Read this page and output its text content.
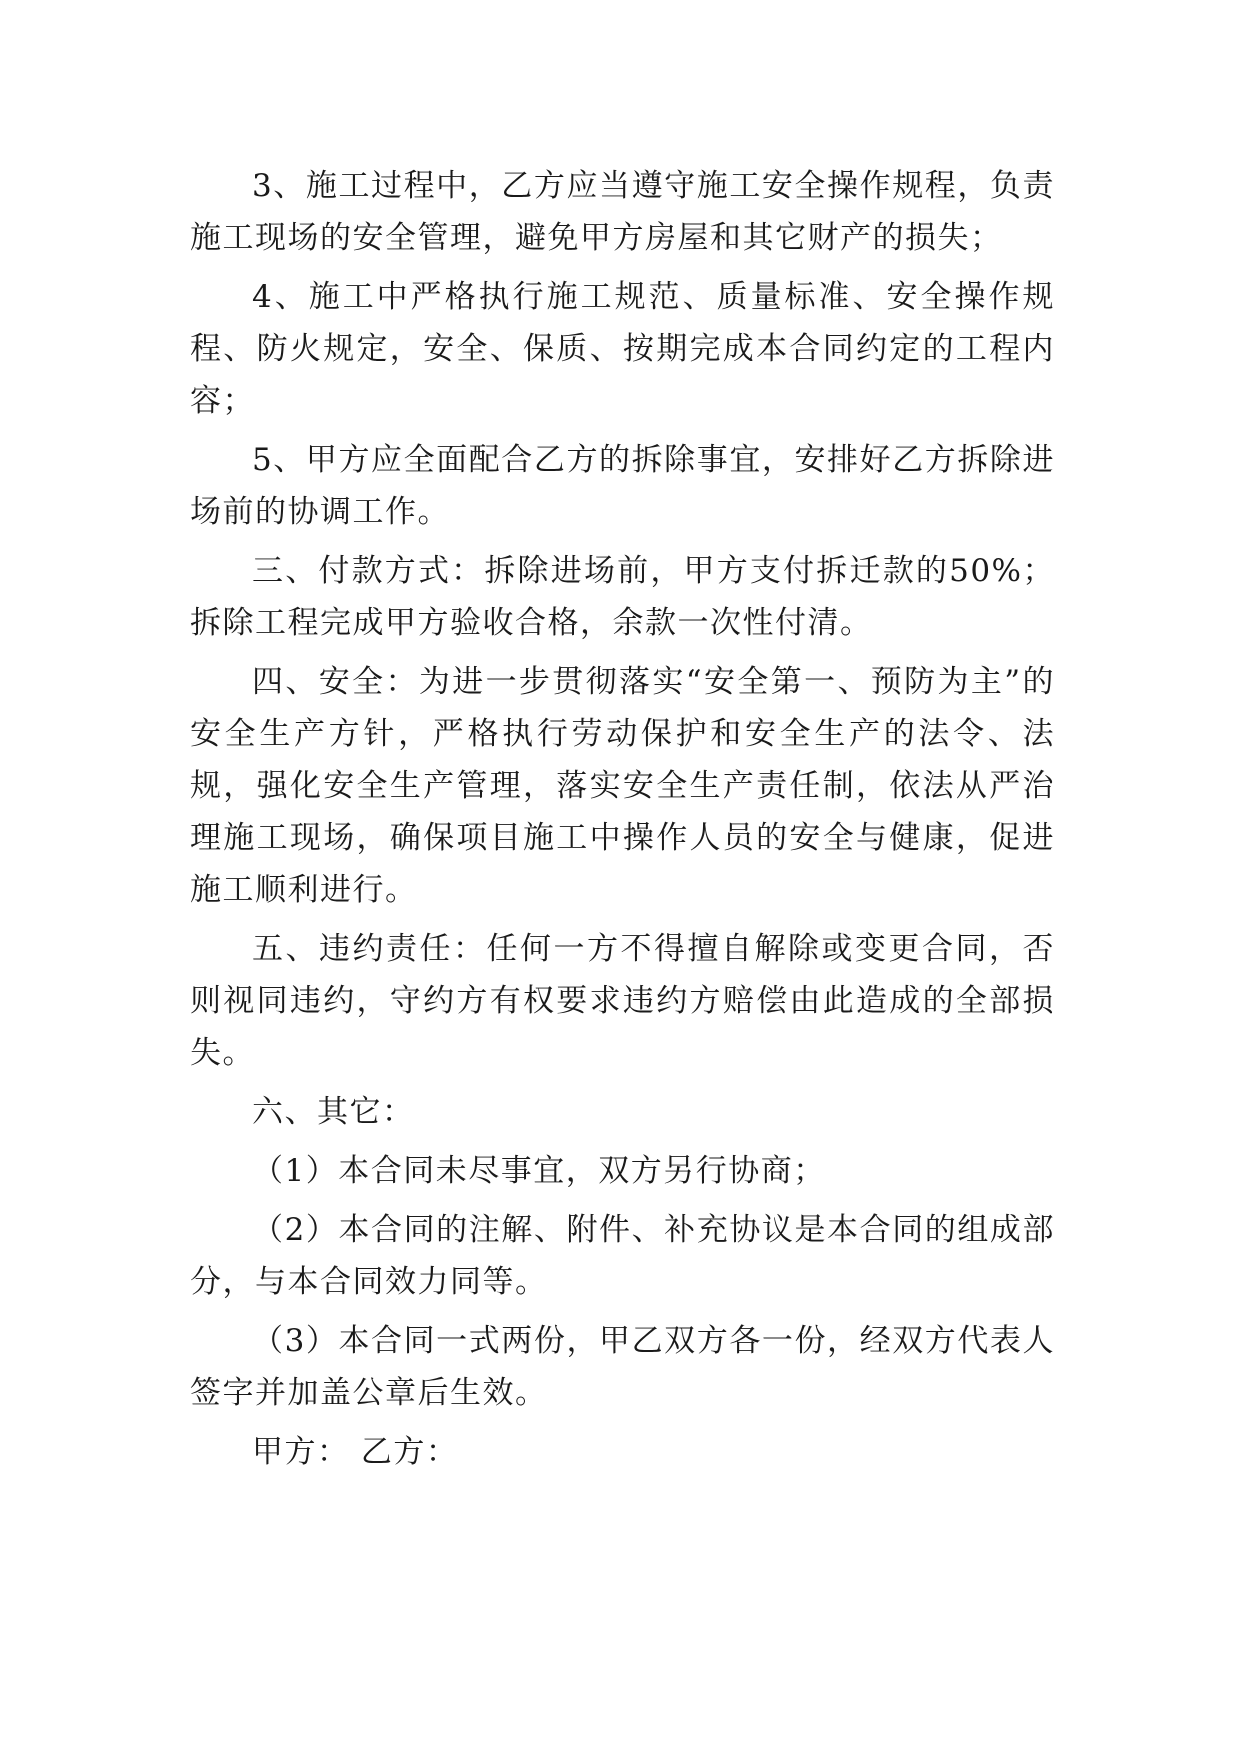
3、施工过程中，乙方应当遵守施工安全操作规程，负责施工现场的安全管理，避免甲方房屋和其它财产的损失；

4、施工中严格执行施工规范、质量标准、安全操作规程、防火规定，安全、保质、按期完成本合同约定的工程内容；

5、甲方应全面配合乙方的拆除事宜，安排好乙方拆除进场前的协调工作。

三、付款方式：拆除进场前，甲方支付拆迁款的50%；拆除工程完成甲方验收合格，余款一次性付清。

四、安全：为进一步贯彻落实“安全第一、预防为主”的安全生产方针，严格执行劳动保护和安全生产的法令、法规，强化安全生产管理，落实安全生产责任制，依法从严治理施工现场，确保项目施工中操作人员的安全与健康，促进施工顺利进行。

五、违约责任：任何一方不得擅自解除或变更合同，否则视同违约，守约方有权要求违约方赔偿由此造成的全部损失。

六、其它：

（1）本合同未尽事宜，双方另行协商；

（2）本合同的注解、附件、补充协议是本合同的组成部分，与本合同效力同等。

（3）本合同一式两份，甲乙双方各一份，经双方代表人签字并加盖公章后生效。

甲方： 乙方：
